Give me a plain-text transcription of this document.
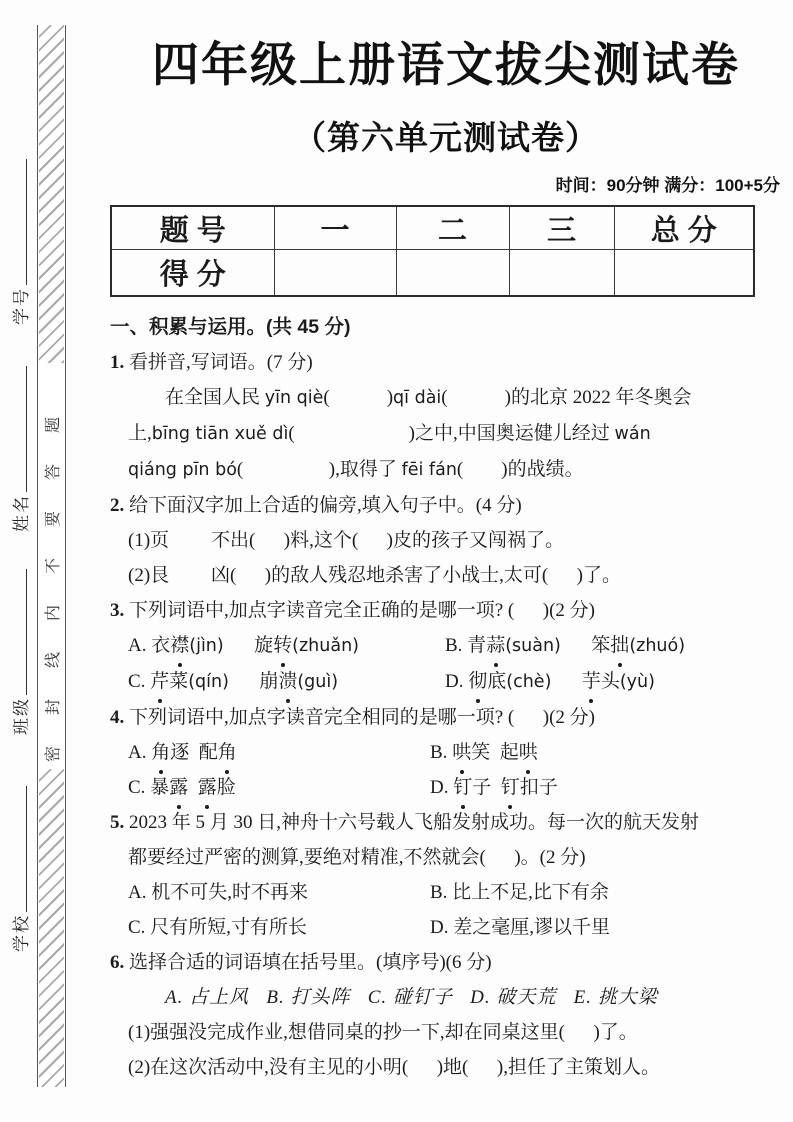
学号
姓名
班级
学校
密封线内不要答题
四年级上册语文拔尖测试卷
（第六单元测试卷）
时间：90分钟 满分：100+5分
题号	一	二	三	总分
得分				
一、积累与运用。(共 45 分)
1. 看拼音,写词语。(7 分)
在全国人民 yīn qiè(            )qī dài(            )的北京 2022 年冬奥会
上,bīng tiān xuě dì(                        )之中,中国奥运健儿经过 wán
qiáng pīn bó(                  ),取得了 fēi fán(        )的战绩。
2. 给下面汉字加上合适的偏旁,填入句子中。(4 分)
(1)页 不出(      )料,这个(      )皮的孩子又闯祸了。
(2)艮 凶(      )的敌人残忍地杀害了小战士,太可(      )了。
3. 下列词语中,加点字读音完全正确的是哪一项? (      )(2 分)
A. 衣襟(jìn) 旋转(zhuǎn)	B. 青蒜(suàn) 笨拙(zhuó)
C. 芹菜(qín) 崩溃(guì)	D. 彻底(chè) 芋头(yù)
4. 下列词语中,加点字读音完全相同的是哪一项? (      )(2 分)
A. 角逐  配角	B. 哄笑  起哄
C. 暴露 露脸	D. 钉子  钉扣子
5. 2023 年 5 月 30 日,神舟十六号载人飞船发射成功。每一次的航天发射
都要经过严密的测算,要绝对精准,不然就会(      )。(2 分)
A. 机不可失,时不再来	B. 比上不足,比下有余
C. 尺有所短,寸有所长	D. 差之毫厘,谬以千里
6. 选择合适的词语填在括号里。(填序号)(6 分)
A. 占上风   B. 打头阵   C. 碰钉子   D. 破天荒   E. 挑大梁
(1)强强没完成作业,想借同桌的抄一下,却在同桌这里(      )了。
(2)在这次活动中,没有主见的小明(      )地(      ),担任了主策划人。
